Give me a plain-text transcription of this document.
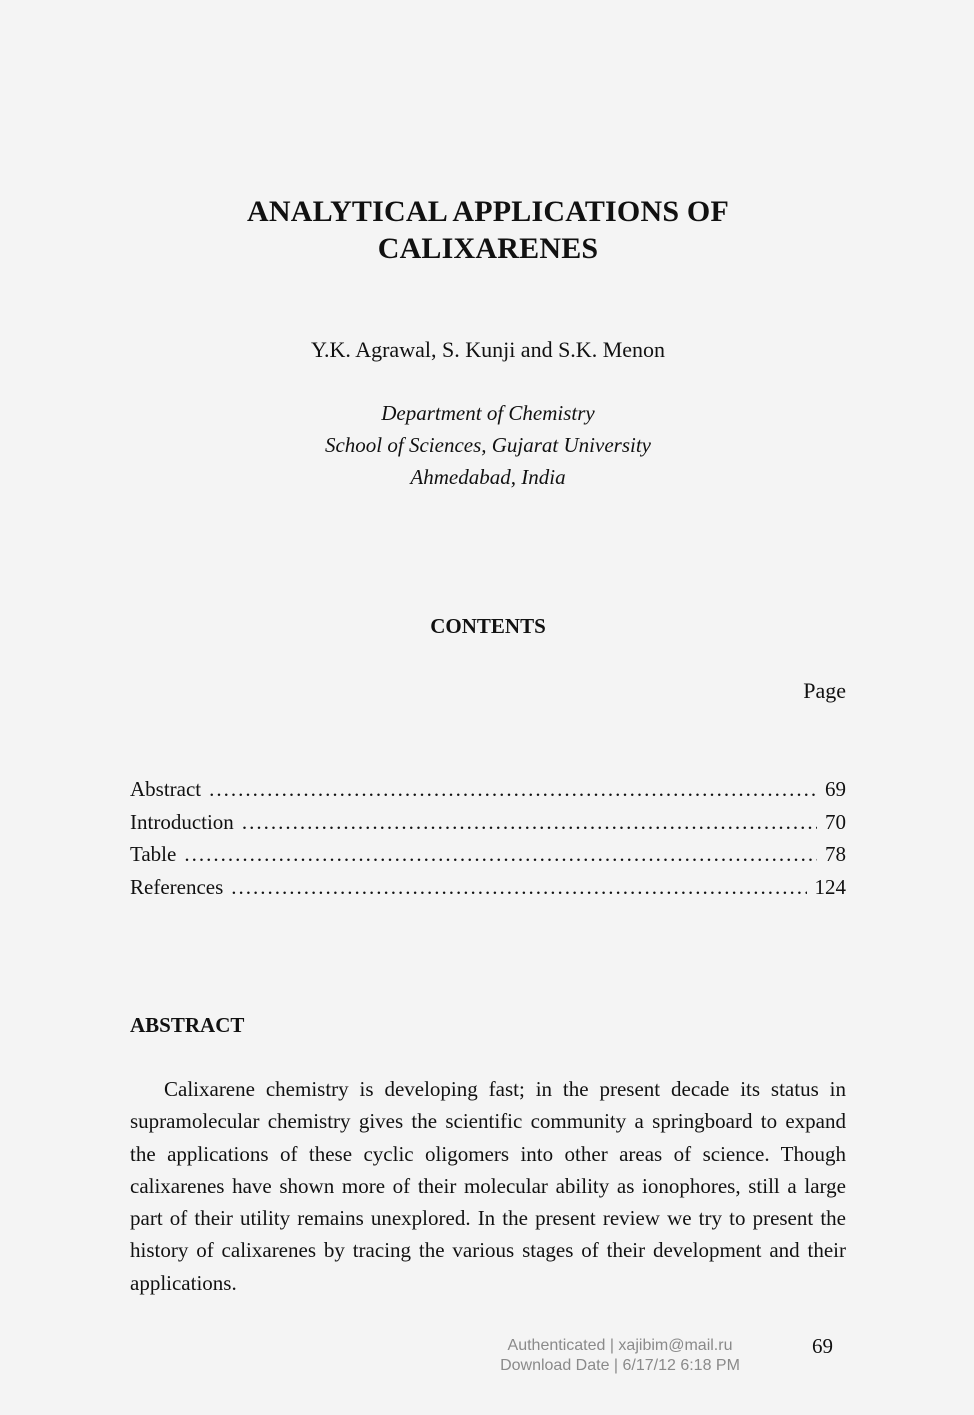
ANALYTICAL APPLICATIONS OF
CALIXARENES
Y.K. Agrawal, S. Kunji and S.K. Menon
Department of Chemistry
School of Sciences, Gujarat University
Ahmedabad, India
CONTENTS
Page
Abstract .....	69
Introduction .....	70
Table .....	78
References .....	124
ABSTRACT

Calixarene chemistry is developing fast; in the present decade its status in supramolecular chemistry gives the scientific community a springboard to expand the applications of these cyclic oligomers into other areas of science. Though calixarenes have shown more of their molecular ability as ionophores, still a large part of their utility remains unexplored. In the present review we try to present the history of calixarenes by tracing the various stages of their development and their applications.

Authenticated | xajibim@mail.ru
Download Date | 6/17/12 6:18 PM
69
